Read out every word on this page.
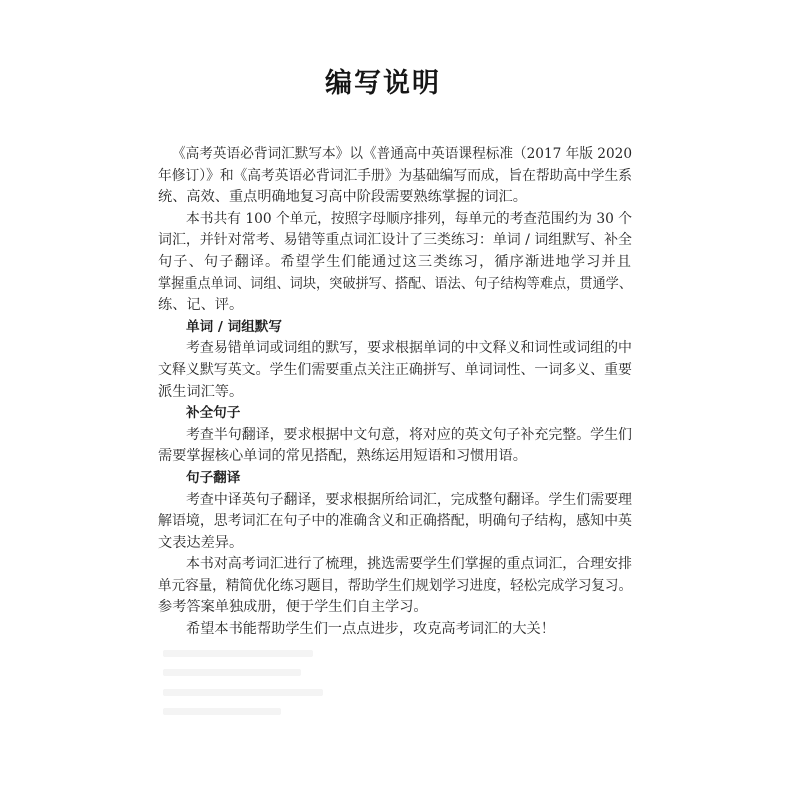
编写说明
《高考英语必背词汇默写本》以《普通高中英语课程标准（2017 年版 2020
年修订）》和《高考英语必背词汇手册》为基础编写而成，旨在帮助高中学生系
统、高效、重点明确地复习高中阶段需要熟练掌握的词汇。
本书共有 100 个单元，按照字母顺序排列，每单元的考查范围约为 30 个
词汇，并针对常考、易错等重点词汇设计了三类练习：单词 / 词组默写、补全
句子、句子翻译。希望学生们能通过这三类练习，循序渐进地学习并且
掌握重点单词、词组、词块，突破拼写、搭配、语法、句子结构等难点，贯通学、
练、记、评。
单词 / 词组默写
考查易错单词或词组的默写，要求根据单词的中文释义和词性或词组的中
文释义默写英文。学生们需要重点关注正确拼写、单词词性、一词多义、重要
派生词汇等。
补全句子
考查半句翻译，要求根据中文句意，将对应的英文句子补充完整。学生们
需要掌握核心单词的常见搭配，熟练运用短语和习惯用语。
句子翻译
考查中译英句子翻译，要求根据所给词汇，完成整句翻译。学生们需要理
解语境，思考词汇在句子中的准确含义和正确搭配，明确句子结构，感知中英
文表达差异。
本书对高考词汇进行了梳理，挑选需要学生们掌握的重点词汇，合理安排
单元容量，精简优化练习题目，帮助学生们规划学习进度，轻松完成学习复习。
参考答案单独成册，便于学生们自主学习。
希望本书能帮助学生们一点点进步，攻克高考词汇的大关！
